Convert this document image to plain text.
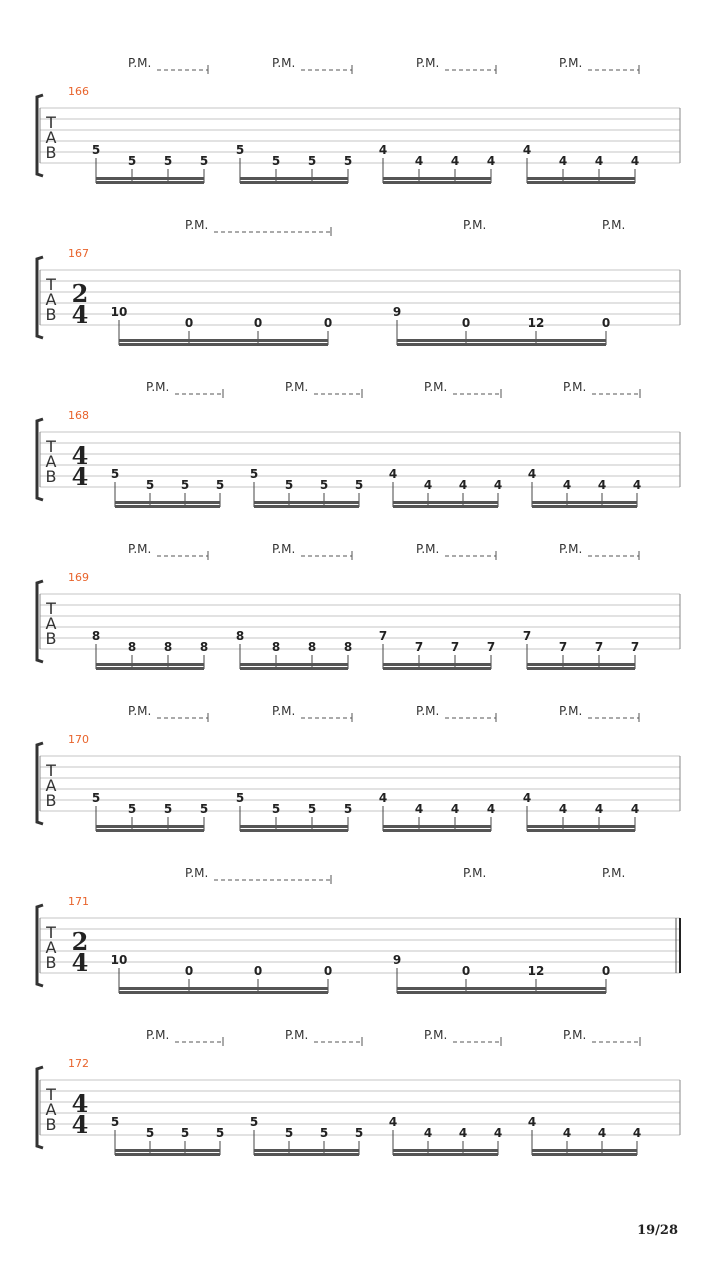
P.M.	P.M.	P.M.	P.M.
166
T
A
B	5
5 5 5
5
5 5 5
4
4 4 4
4
4 4 4
P.M.	P.M.	P.M.
167
T
A
B
2
4 10
0	0	0
9
0	12	0
P.M.	P.M.	P.M.	P.M.
168
T
A
B
4
4 5
5 5 5
5
5 5 5
4
4 4 4
4
4 4 4
P.M.	P.M.	P.M.	P.M.
169
T
A
B	8
8 8 8
8
8 8 8
7
7 7 7
7
7 7 7
P.M.	P.M.	P.M.	P.M.
170
T
A
B	5
5 5 5
5
5 5 5
4
4 4 4
4
4 4 4
P.M.	P.M.	P.M.
171
T
A
B
2
4 10
0	0	0
9
0	12	0
P.M.	P.M.	P.M.	P.M.
172
T
A
B
4
4 5
5 5 5
5
5 5 5
4
4 4 4
4
4 4 4
19/28
